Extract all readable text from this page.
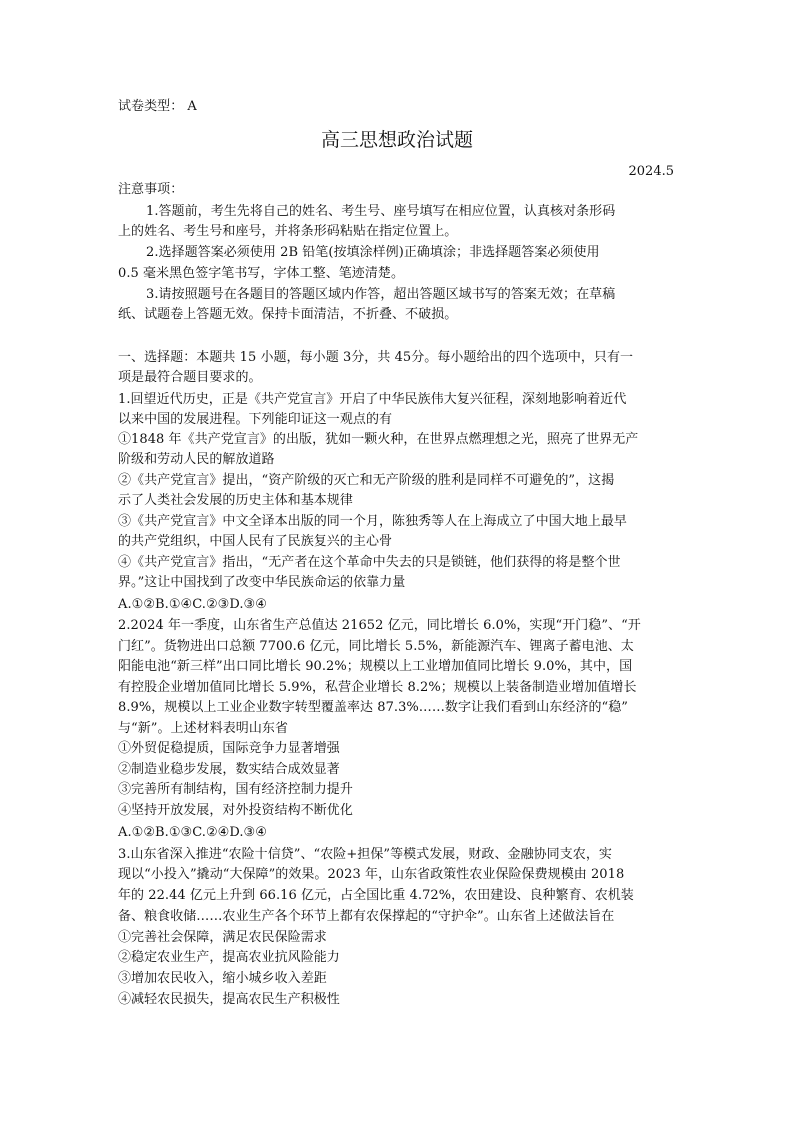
试卷类型： A
高三思想政治试题
2024.5
注意事项：
1.答题前，考生先将自己的姓名、考生号、座号填写在相应位置，认真核对条形码
上的姓名、考生号和座号，并将条形码粘贴在指定位置上。
2.选择题答案必须使用 2B 铅笔(按填涂样例)正确填涂；非选择题答案必须使用
0.5 毫米黑色签字笔书写，字体工整、笔迹清楚。
3.请按照题号在各题目的答题区域内作答，超出答题区域书写的答案无效；在草稿
纸、试题卷上答题无效。保持卡面清洁，不折叠、不破损。
一、选择题：本题共 15 小题，每小题 3分，共 45分。每小题给出的四个选项中，只有一
项是最符合题目要求的。
1.回望近代历史，正是《共产党宣言》开启了中华民族伟大复兴征程，深刻地影响着近代
以来中国的发展进程。下列能印证这一观点的有
①1848 年《共产党宣言》的出版，犹如一颗火种，在世界点燃理想之光，照亮了世界无产
阶级和劳动人民的解放道路
②《共产党宣言》提出，“资产阶级的灭亡和无产阶级的胜利是同样不可避免的”，这揭
示了人类社会发展的历史主体和基本规律
③《共产党宣言》中文全译本出版的同一个月，陈独秀等人在上海成立了中国大地上最早
的共产党组织，中国人民有了民族复兴的主心骨
④《共产党宣言》指出，“无产者在这个革命中失去的只是锁链，他们获得的将是整个世
界。”这让中国找到了改变中华民族命运的依靠力量
A.①②B.①④C.②③D.③④
2.2024 年一季度，山东省生产总值达 21652 亿元，同比增长 6.0%，实现“开门稳”、“开
门红”。货物进出口总额 7700.6 亿元，同比增长 5.5%，新能源汽车、锂离子蓄电池、太
阳能电池“新三样”出口同比增长 90.2%；规模以上工业增加值同比增长 9.0%，其中，国
有控股企业增加值同比增长 5.9%，私营企业增长 8.2%；规模以上装备制造业增加值增长
8.9%，规模以上工业企业数字转型覆盖率达 87.3%……数字让我们看到山东经济的“稳”
与“新”。上述材料表明山东省
①外贸促稳提质，国际竞争力显著增强
②制造业稳步发展，数实结合成效显著
③完善所有制结构，国有经济控制力提升
④坚持开放发展，对外投资结构不断优化
A.①②B.①③C.②④D.③④
3.山东省深入推进“农险十信贷”、“农险+担保”等模式发展，财政、金融协同支农，实
现以“小投入”撬动“大保障”的效果。2023 年，山东省政策性农业保险保费规模由 2018
年的 22.44 亿元上升到 66.16 亿元，占全国比重 4.72%，农田建设、良种繁育、农机装
备、粮食收储……农业生产各个环节上都有农保撑起的“守护伞”。山东省上述做法旨在
①完善社会保障，满足农民保险需求
②稳定农业生产，提高农业抗风险能力
③增加农民收入，缩小城乡收入差距
④减轻农民损失，提高农民生产积极性
